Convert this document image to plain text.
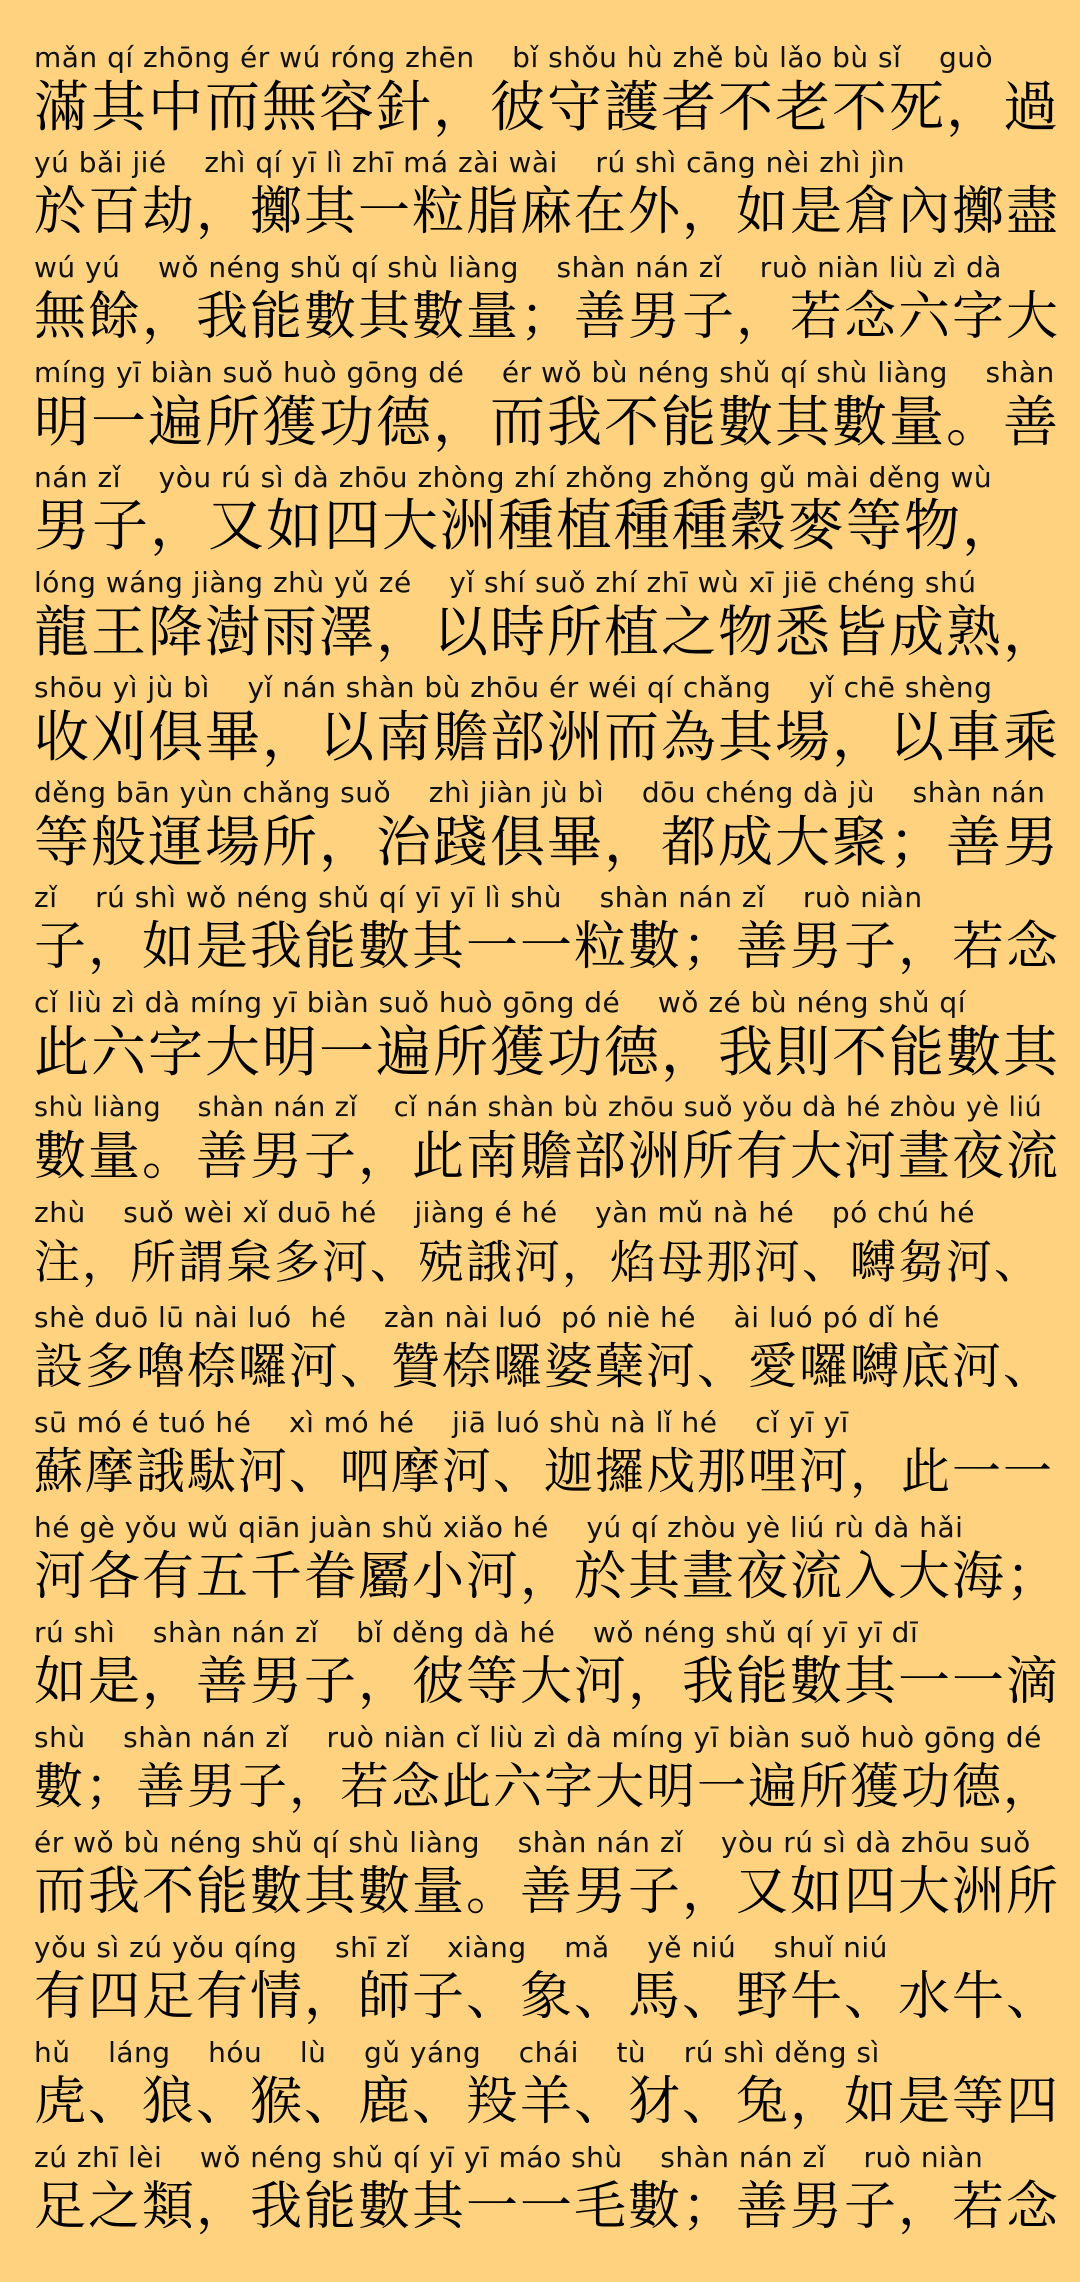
mǎn qí zhōng ér wú róng zhēn    bǐ shǒu hù zhě bù lǎo bù sǐ    guò
滿其中而無容針，彼守護者不老不死，過
yú bǎi jié    zhì qí yī lì zhī má zài wài    rú shì cāng nèi zhì jìn
於百劫，擲其一粒脂麻在外，如是倉內擲盡
wú yú    wǒ néng shǔ qí shù liàng    shàn nán zǐ    ruò niàn liù zì dà
無餘，我能數其數量；善男子，若念六字大
míng yī biàn suǒ huò gōng dé    ér wǒ bù néng shǔ qí shù liàng    shàn
明一遍所獲功德，而我不能數其數量。善
nán zǐ    yòu rú sì dà zhōu zhòng zhí zhǒng zhǒng gǔ mài děng wù
男子，又如四大洲種植種種穀麥等物，
lóng wáng jiàng zhù yǔ zé    yǐ shí suǒ zhí zhī wù xī jiē chéng shú
龍王降澍雨澤，以時所植之物悉皆成熟，
shōu yì jù bì    yǐ nán shàn bù zhōu ér wéi qí chǎng    yǐ chē shèng
收刈俱畢，以南贍部洲而為其場，以車乘
děng bān yùn chǎng suǒ    zhì jiàn jù bì    dōu chéng dà jù    shàn nán
等般運場所，治踐俱畢，都成大聚；善男
zǐ    rú shì wǒ néng shǔ qí yī yī lì shù    shàn nán zǐ    ruò niàn
子，如是我能數其一一粒數；善男子，若念
cǐ liù zì dà míng yī biàn suǒ huò gōng dé    wǒ zé bù néng shǔ qí
此六字大明一遍所獲功德，我則不能數其
shù liàng    shàn nán zǐ    cǐ nán shàn bù zhōu suǒ yǒu dà hé zhòu yè liú
數量。善男子，此南贍部洲所有大河晝夜流
zhù    suǒ wèi xǐ duō hé    jiàng é hé    yàn mǔ nà hé    pó chú hé
注，所謂枲多河、殑誐河，焰母那河、嚩芻河、
shè duō lū nài luó  hé    zàn nài luó  pó niè hé    ài luó pó dǐ hé
設多嚕㮈囉河、贊㮈囉婆蘖河、愛囉嚩底河、
sū mó é tuó hé    xì mó hé    jiā luó shù nà lǐ hé    cǐ yī yī
蘇摩誐駄河、呬摩河、迦攞戍那哩河，此一一
hé gè yǒu wǔ qiān juàn shǔ xiǎo hé    yú qí zhòu yè liú rù dà hǎi
河各有五千眷屬小河，於其晝夜流入大海；
rú shì    shàn nán zǐ    bǐ děng dà hé    wǒ néng shǔ qí yī yī dī
如是，善男子，彼等大河，我能數其一一滴
shù    shàn nán zǐ    ruò niàn cǐ liù zì dà míng yī biàn suǒ huò gōng dé
數；善男子，若念此六字大明一遍所獲功德，
ér wǒ bù néng shǔ qí shù liàng    shàn nán zǐ    yòu rú sì dà zhōu suǒ
而我不能數其數量。善男子，又如四大洲所
yǒu sì zú yǒu qíng    shī zǐ    xiàng    mǎ    yě niú    shuǐ niú
有四足有情，師子、象、馬、野牛、水牛、
hǔ    láng    hóu    lù    gǔ yáng    chái    tù    rú shì děng sì
虎、狼、猴、鹿、羖羊、犲、兔，如是等四
zú zhī lèi    wǒ néng shǔ qí yī yī máo shù    shàn nán zǐ    ruò niàn
足之類，我能數其一一毛數；善男子，若念
